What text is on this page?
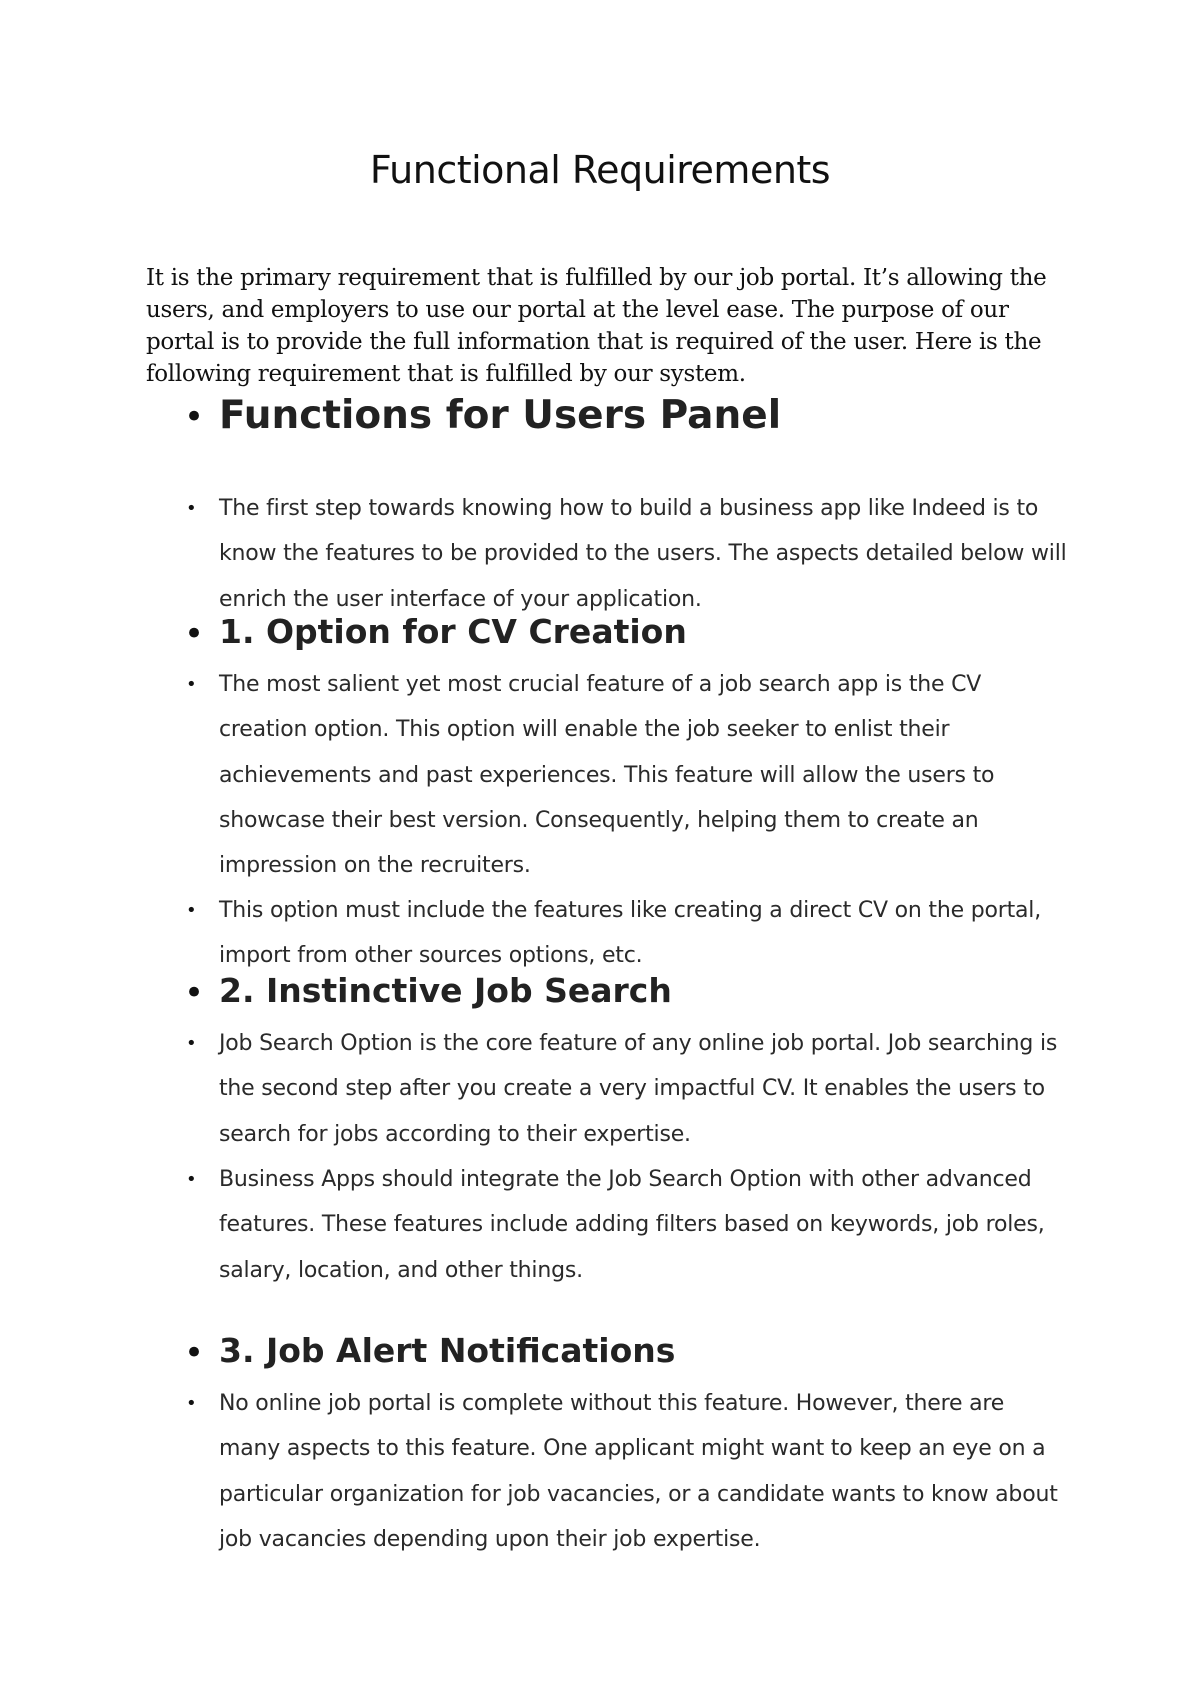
Functional Requirements

It is the primary requirement that is fulfilled by our job portal. It’s allowing the users, and employers to use our portal at the level ease. The purpose of our portal is to provide the full information that is required of the user. Here is the following requirement that is fulfilled by our system.

• Functions for Users Panel
• The first step towards knowing how to build a business app like Indeed is to know the features to be provided to the users. The aspects detailed below will enrich the user interface of your application.
• 1. Option for CV Creation
• The most salient yet most crucial feature of a job search app is the CV creation option. This option will enable the job seeker to enlist their achievements and past experiences. This feature will allow the users to showcase their best version. Consequently, helping them to create an impression on the recruiters.
• This option must include the features like creating a direct CV on the portal, import from other sources options, etc.
• 2. Instinctive Job Search
• Job Search Option is the core feature of any online job portal. Job searching is the second step after you create a very impactful CV. It enables the users to search for jobs according to their expertise.
• Business Apps should integrate the Job Search Option with other advanced features. These features include adding filters based on keywords, job roles, salary, location, and other things.
• 3. Job Alert Notifications
• No online job portal is complete without this feature. However, there are many aspects to this feature. One applicant might want to keep an eye on a particular organization for job vacancies, or a candidate wants to know about job vacancies depending upon their job expertise.
